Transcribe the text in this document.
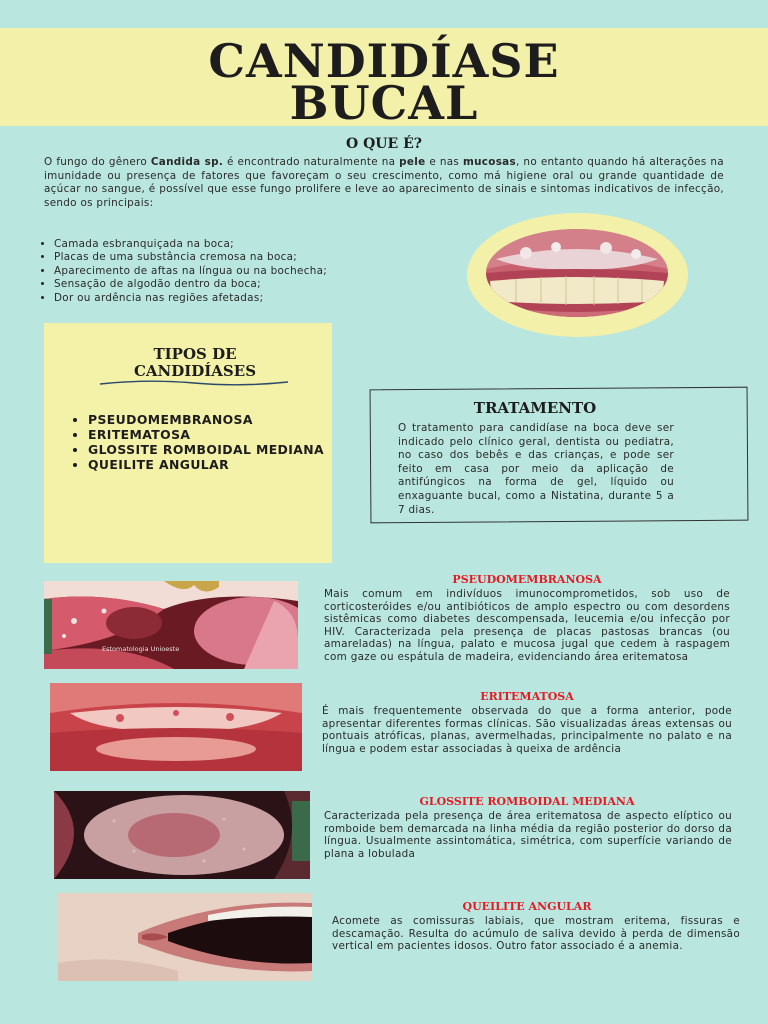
CANDIDÍASE
BUCAL
O QUE É?
O fungo do gênero Candida sp. é encontrado naturalmente na pele e nas mucosas, no entanto quando há alterações na imunidade ou presença de fatores que favoreçam o seu crescimento, como má higiene oral ou grande quantidade de açúcar no sangue, é possível que esse fungo prolifere e leve ao aparecimento de sinais e sintomas indicativos de infecção, sendo os principais:
• Camada esbranquiçada na boca;
• Placas de uma substância cremosa na boca;
• Aparecimento de aftas na língua ou na bochecha;
• Sensação de algodão dentro da boca;
• Dor ou ardência nas regiões afetadas;
TIPOS DE
CANDIDÍASES
• PSEUDOMEMBRANOSA
• ERITEMATOSA
• GLOSSITE ROMBOIDAL MEDIANA
• QUEILITE ANGULAR
TRATAMENTO
O tratamento para candidíase na boca deve ser indicado pelo clínico geral, dentista ou pediatra, no caso dos bebês e das crianças, e pode ser feito em casa por meio da aplicação de antifúngicos na forma de gel, líquido ou enxaguante bucal, como a Nistatina, durante 5 a 7 dias.
Estomatologia Unioeste
PSEUDOMEMBRANOSA
Mais comum em indivíduos imunocomprometidos, sob uso de corticosteróides e/ou antibióticos de amplo espectro ou com desordens sistêmicas como diabetes descompensada, leucemia e/ou infecção por HIV. Caracterizada pela presença de placas pastosas brancas (ou amareladas) na língua, palato e mucosa jugal que cedem à raspagem com gaze ou espátula de madeira, evidenciando área eritematosa
ERITEMATOSA
É mais frequentemente observada do que a forma anterior, pode apresentar diferentes formas clínicas. São visualizadas áreas extensas ou pontuais atróficas, planas, avermelhadas, principalmente no palato e na língua e podem estar associadas à queixa de ardência
GLOSSITE ROMBOIDAL MEDIANA
Caracterizada pela presença de área eritematosa de aspecto elíptico ou romboide bem demarcada na linha média da região posterior do dorso da língua. Usualmente assintomática, simétrica, com superfície variando de plana a lobulada
QUEILITE ANGULAR
Acomete as comissuras labiais, que mostram eritema, fissuras e descamação. Resulta do acúmulo de saliva devido à perda de dimensão vertical em pacientes idosos. Outro fator associado é a anemia.
